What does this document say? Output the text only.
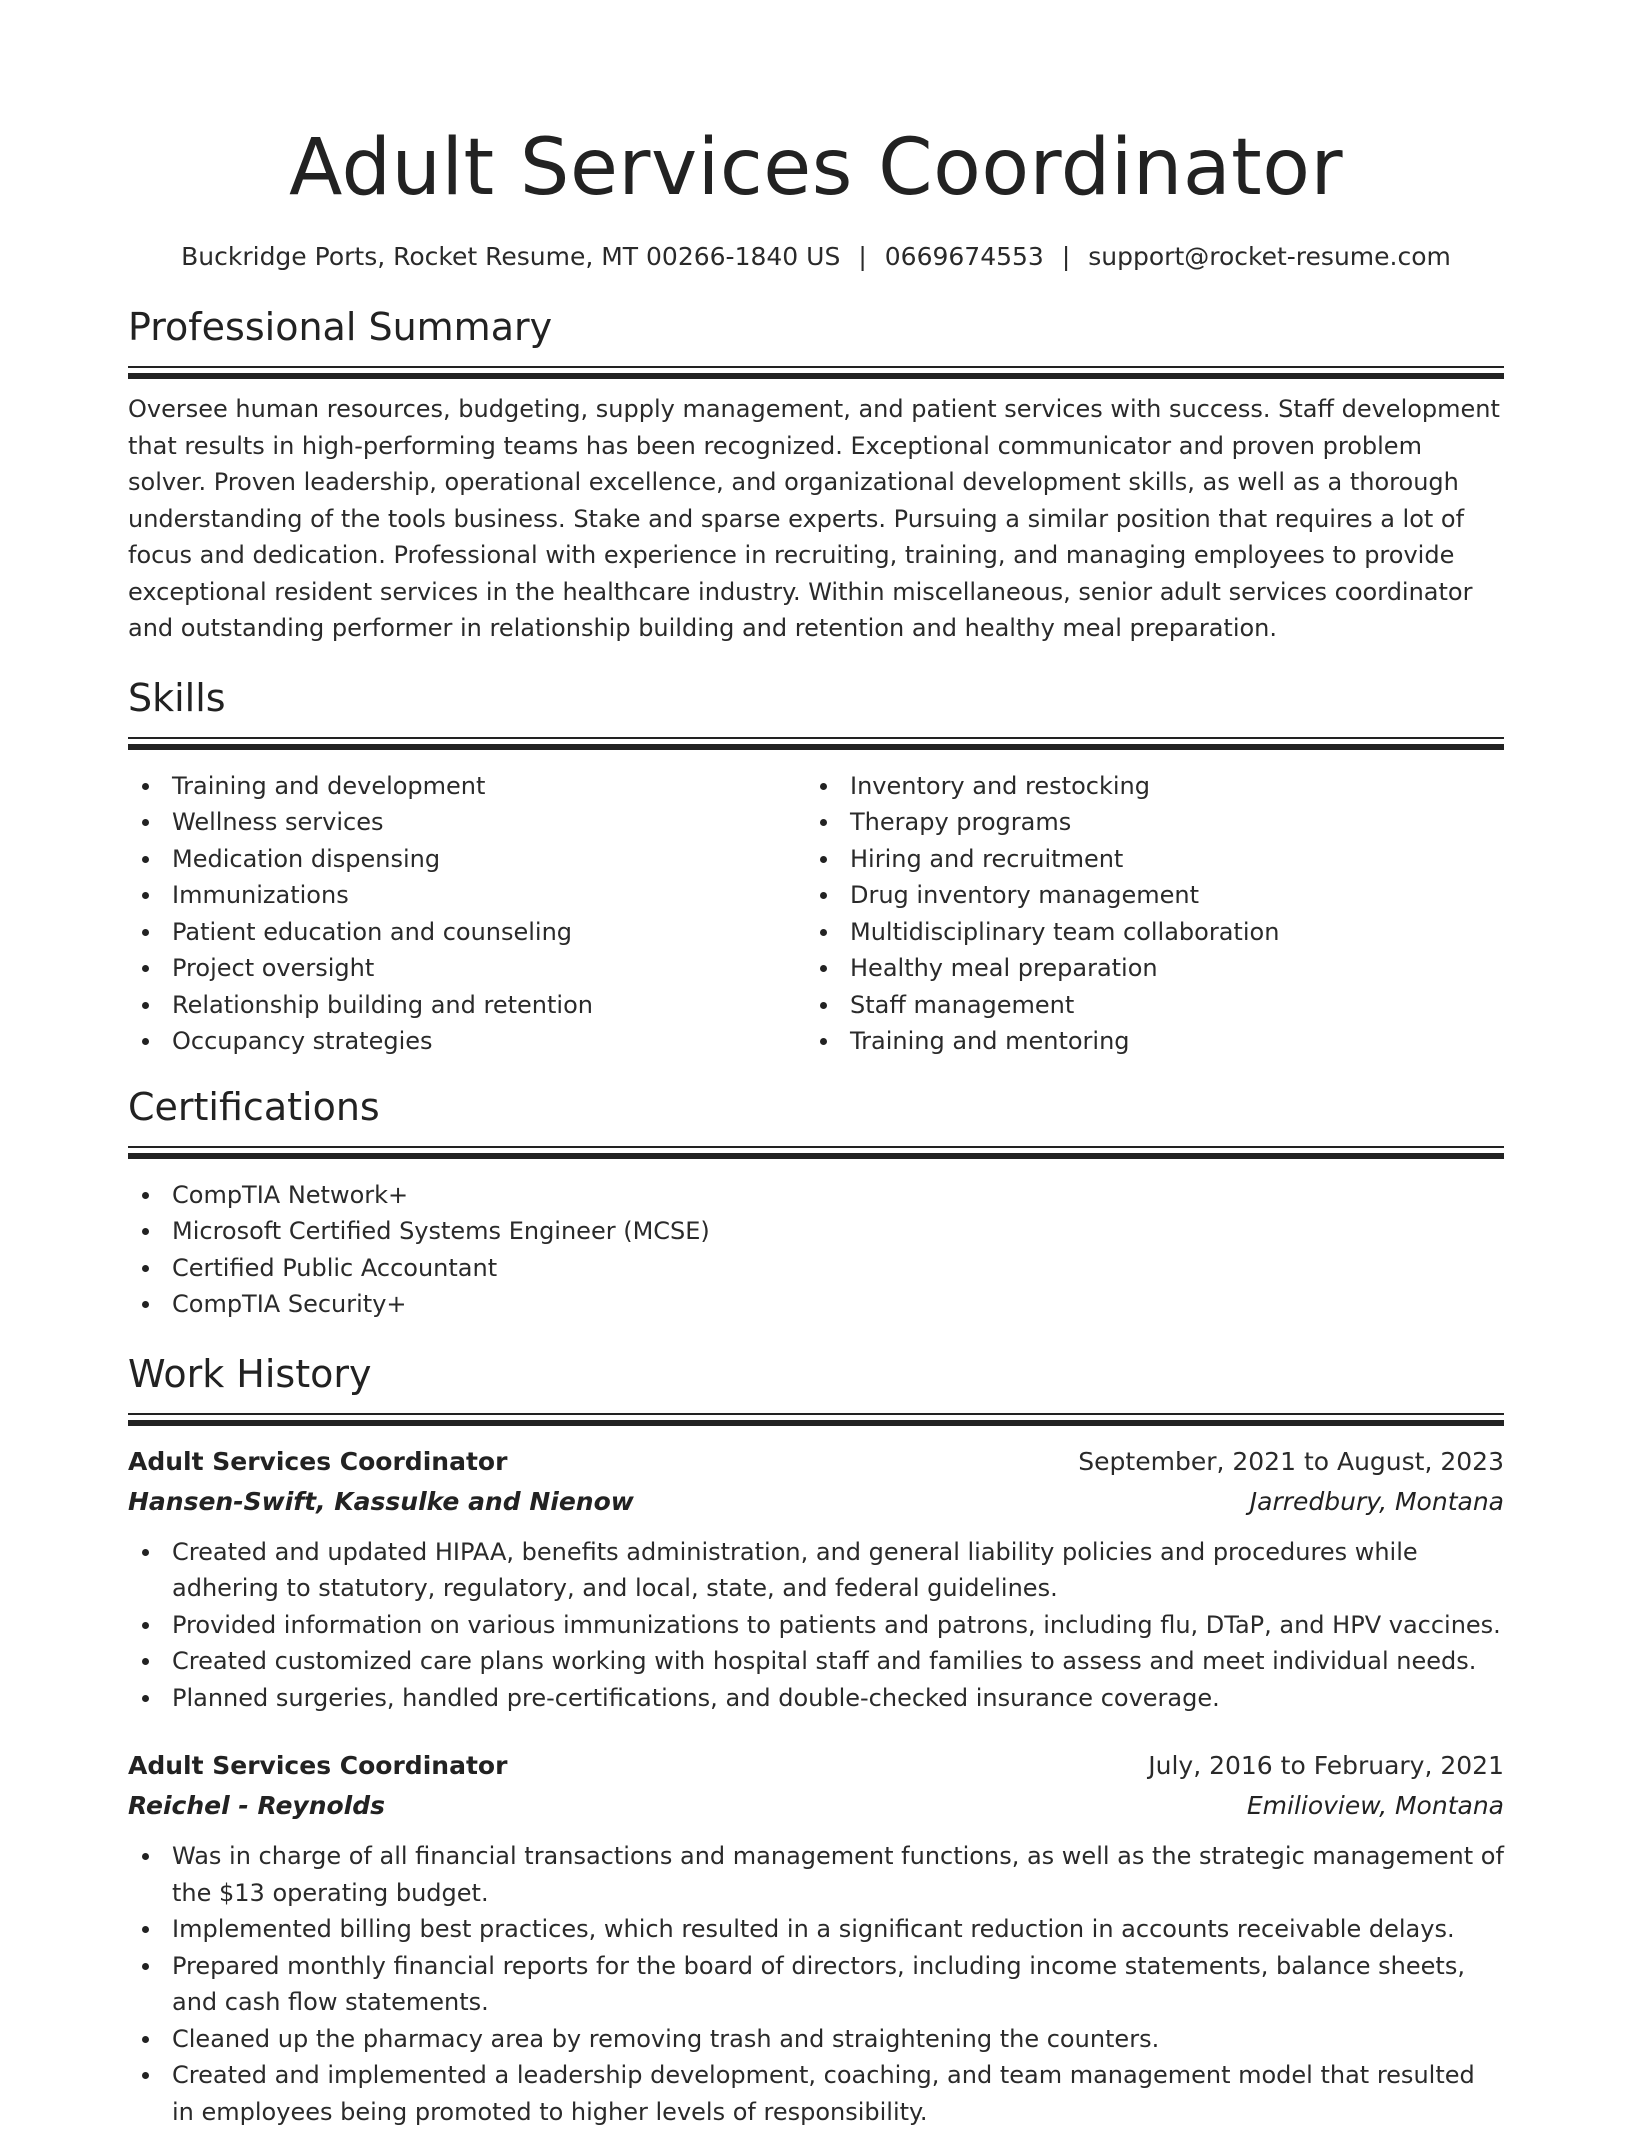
Adult Services Coordinator
Buckridge Ports, Rocket Resume, MT 00266-1840 US | 0669674553 | support@rocket-resume.com
Professional Summary

Oversee human resources, budgeting, supply management, and patient services with success. Staff development that results in high-performing teams has been recognized. Exceptional communicator and proven problem solver. Proven leadership, operational excellence, and organizational development skills, as well as a thorough understanding of the tools business. Stake and sparse experts. Pursuing a similar position that requires a lot of focus and dedication. Professional with experience in recruiting, training, and managing employees to provide exceptional resident services in the healthcare industry. Within miscellaneous, senior adult services coordinator and outstanding performer in relationship building and retention and healthy meal preparation.

Skills
Training and development
Wellness services
Medication dispensing
Immunizations
Patient education and counseling
Project oversight
Relationship building and retention
Occupancy strategies
Inventory and restocking
Therapy programs
Hiring and recruitment
Drug inventory management
Multidisciplinary team collaboration
Healthy meal preparation
Staff management
Training and mentoring
Certifications
CompTIA Network+
Microsoft Certified Systems Engineer (MCSE)
Certified Public Accountant
CompTIA Security+
Work History
Adult Services Coordinator	September, 2021 to August, 2023
Hansen-Swift, Kassulke and Nienow	Jarredbury, Montana
Created and updated HIPAA, benefits administration, and general liability policies and procedures while adhering to statutory, regulatory, and local, state, and federal guidelines.
Provided information on various immunizations to patients and patrons, including flu, DTaP, and HPV vaccines.
Created customized care plans working with hospital staff and families to assess and meet individual needs.
Planned surgeries, handled pre-certifications, and double-checked insurance coverage.
Adult Services Coordinator	July, 2016 to February, 2021
Reichel - Reynolds	Emilioview, Montana
Was in charge of all financial transactions and management functions, as well as the strategic management of the $13 operating budget.
Implemented billing best practices, which resulted in a significant reduction in accounts receivable delays.
Prepared monthly financial reports for the board of directors, including income statements, balance sheets, and cash flow statements.
Cleaned up the pharmacy area by removing trash and straightening the counters.
Created and implemented a leadership development, coaching, and team management model that resulted in employees being promoted to higher levels of responsibility.
